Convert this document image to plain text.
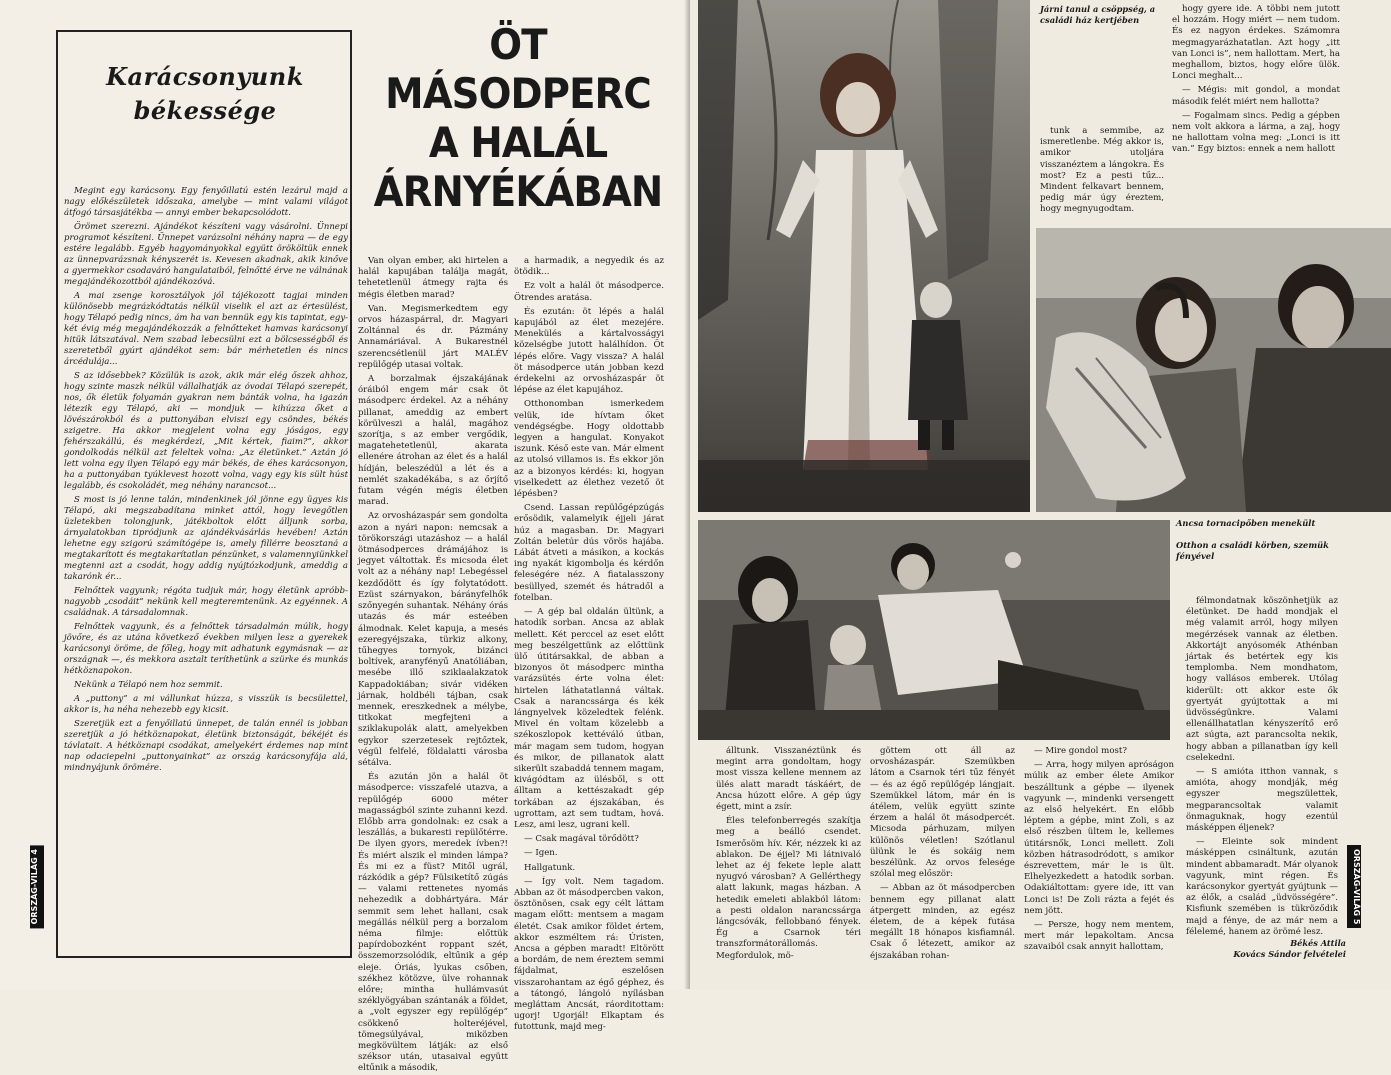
Karácsonyunk
békessége

Megint egy karácsony. Egy fenyőillatú estén lezárul majd a nagy előkészületek időszaka, amelybe — mint valami világot átfogó társasjátékba — annyi ember bekapcsolódott.

Örömet szerezni. Ajándékot készíteni vagy vásárolni. Ünnepi programot készíteni. Ünnepet varázsolni néhány napra — de egy estére legalább. Egyéb hagyományokkal együtt örököltük ennek az ünnepvarázsnak kényszerét is. Kevesen akadnak, akik kinőve a gyermekkor csodaváró hangulataiból, felnőtté érve ne válnának megajándékozottból ajándékozóvá.

A mai zsenge korosztályok jól tájékozott tagjai minden különösebb megrázkódtatás nélkül viselik el azt az értesülést, hogy Télapó pedig nincs, ám ha van bennük egy kis tapintat, egy-két évig még megajándékozzák a felnőtteket hamvas karácsonyi hitük látszatával. Nem szabad lebecsülni ezt a bölcsességből és szeretetből gyúrt ajándékot sem: bár mérhetetlen és nincs árcédulája...

S az idősebbek? Közülük is azok, akik már elég őszek ahhoz, hogy szinte maszk nélkül vállalhatják az óvodai Télapó szerepét, nos, ők életük folyamán gyakran nem bánták volna, ha igazán létezik egy Télapó, aki — mondjuk — kihúzza őket a lövészárokból és a puttonyában elviszi egy csöndes, békés szigetre. Ha akkor megjelent volna egy jóságos, egy fehérszakállú, és megkérdezi, „Mit kértek, fiaim?”, akkor gondolkodás nélkül azt feleltek volna: „Az életünket.” Aztán jó lett volna egy ilyen Télapó egy már békés, de éhes karácsonyon, ha a puttonyában tyúklevest hozott volna, vagy egy kis sült húst legalább, és csokoládét, meg néhány narancsot...

S most is jó lenne talán, mindenkinek jól jönne egy ügyes kis Télapó, aki megszabadítana minket attól, hogy levegőtlen üzletekben tolongjunk, játékboltok előtt álljunk sorba, árnyalatokban tipródjunk az ajándékvásárlás hevében! Aztán lehetne egy szigorú számítógépe is, amely fillérre beosztaná a megtakarított és megtakarítatlan pénzünket, s valamennyiünkkel megtenni azt a csodát, hogy addig nyújtózkodjunk, ameddig a takarónk ér...

Felnőttek vagyunk; régóta tudjuk már, hogy életünk apróbb-nagyobb „csodáit” nekünk kell megteremtenünk. Az egyénnek. A családnak. A társadalomnak.

Felnőttek vagyunk, és a felnőttek társadalmán múlik, hogy jövőre, és az utána következő években milyen lesz a gyerekek karácsonyi öröme, de főleg, hogy mit adhatunk egymásnak — az országnak —, és mekkora asztalt teríthetünk a szürke és munkás hétköznapokon.

Nekünk a Télapó nem hoz semmit.

A „puttony” a mi vállunkat húzza, s visszük is becsülettel, akkor is, ha néha nehezebb egy kicsit.

Szeretjük ezt a fenyőillatú ünnepet, de talán ennél is jobban szeretjük a jó hétköznapokat, életünk biztonságát, békéjét és távlatait. A hétköznapi csodákat, amelyekért érdemes nap mint nap odaciepelni „puttonyainkat” az ország karácsonyfája alá, mindnyájunk örömére.

ORSZÁG-VILÁG 4
ÖT
MÁSODPERC
A HALÁL
ÁRNYÉKÁBAN

Van olyan ember, aki hirtelen a halál kapujában találja magát, tehetetlenül átmegy rajta és mégis életben marad?

Van. Megismerkedtem egy orvos házaspárral, dr. Magyari Zoltánnal és dr. Pázmány Annamáriával. A Bukarestnél szerencsétlenül járt MALÉV repülőgép utasai voltak.

A borzalmak éjszakájának óráiból engem már csak öt másodperc érdekel. Az a néhány pillanat, ameddig az embert körülveszi a halál, magához szorítja, s az ember vergődik, magatehetetlenül, akarata ellenére átrohan az élet és a halál hídján, beleszédül a lét és a nemlét szakadékába, s az őrjítő futam végén mégis életben marad.

Az orvosházaspár sem gondolta azon a nyári napon: nemcsak a törökországi utazáshoz — a halál ötmásodperces drámájához is jegyet váltottak. És micsoda élet volt az a néhány nap! Lebegéssel kezdődött és így folytatódott. Ezüst szárnyakon, bárányfelhők szőnyegén suhantak. Néhány órás utazás és már esteében álmodnak. Kelet kapuja, a mesés ezeregyéjszaka, türkiz alkony, tűhegyes tornyok, bizánci boltívek, aranyfényű Anatóliában, mesébe illő sziklaalakzatok Kappadokiában; sivár vidéken járnak, holdbéli tájban, csak mennek, ereszkednek a mélybe, titkokat megfejteni a sziklakupolák alatt, amelyekben egykor szerzetesek rejtőztek, végül felfelé, földalatti városba sétálva.

És azután jön a halál öt másodperce: visszafelé utazva, a repülőgép 6000 méter magasságból szinte zuhanni kezd. Előbb arra gondolnak: ez csak a leszállás, a bukaresti repülőtérre. De ilyen gyors, meredek ívben?! És miért alszik el minden lámpa? És mi ez a füst? Mitől ugrál, rázkódik a gép? Fülsiketítő zúgás — valami rettenetes nyomás nehezedik a dobhártyára. Már semmit sem lehet hallani, csak megállás nélkül perg a borzalom néma filmje: előttük papírdobozként roppant szét, összemorzsolódik, eltűnik a gép eleje. Óriás, lyukas csőben, székhez kötözve, ülve rohannak előre; mintha hullámvasút széklyögyában szántanák a földet, a „volt egyszer egy repülőgép” csökkenő holteréjével, tömegsúlyával, miközben megkövültem látják: az első széksor után, utasaival együtt eltűnik a második,

a harmadik, a negyedik és az ötödik...

Ez volt a halál öt másodperce. Ötrendes aratása.

És ezután: öt lépés a halál kapujából az élet mezejére. Menekülés a kártalvosságyi közelségbe jutott halálhídon. Öt lépés előre. Vagy vissza? A halál öt másodperce után jobban kezd érdekelni az orvosházaspár öt lépése az élet kapujához.

Otthonomban ismerkedem velük, ide hívtam őket vendégségbe. Hogy oldottabb legyen a hangulat. Konyakot iszunk. Késő este van. Már elment az utolsó villamos is. És ekkor jön az a bizonyos kérdés: ki, hogyan viselkedett az élethez vezető öt lépésben?

Csend. Lassan repülőgépzúgás erősödik, valamelyik éjjeli járat húz a magasban. Dr. Magyari Zoltán beletúr dús vörös hajába. Lábát átveti a másikon, a kockás ing nyakát kigombolja és kérdőn feleségére néz. A fiatalasszony besüllyed, szemét és hátradől a fotelban.

— A gép bal oldalán ültünk, a hatodik sorban. Ancsa az ablak mellett. Két perccel az eset előtt meg beszélgettünk az előttünk ülő útitársakkal, de abban a bizonyos öt másodperc mintha varázsütés érte volna élet: hirtelen láthatatlanná váltak. Csak a narancssárga és kék lángnyelvek közeledtek felénk. Mivel én voltam közelebb a székoszlopok kettéváló útban, már magam sem tudom, hogyan és mikor, de pillanatok alatt sikerült szabaddá tennem magam, kivágódtam az ülésből, s ott álltam a kettészakadt gép torkában az éjszakában, és ugrottam, azt sem tudtam, hová. Lesz, ami lesz, ugrani kell.

— Csak magával törődött?

— Igen.

Hallgatunk.

— Így volt. Nem tagadom. Abban az öt másodpercben vakon, ösztönösen, csak egy célt láttam magam előtt: mentsem a magam életét. Csak amikor földet értem, akkor eszméltem rá: Úristen, Ancsa a gépben maradt! Eltörött a bordám, de nem éreztem semmi fájdalmat, eszelősen visszarohantam az égő géphez, és a tátongó, lángoló nyílásban megláttam Ancsát, ráorditottam: ugorj! Ugorjál! Elkaptam és futottunk, majd meg-

Járni tanul a csöppség, a családi ház kertjében

tunk a semmibe, az ismeretlenbe. Még akkor is, amikor utoljára visszanéztem a lángokra. És most? Ez a pesti tűz... Mindent felkavart bennem, pedig már úgy éreztem, hogy megnyugodtam.

hogy gyere ide. A többi nem jutott el hozzám. Hogy miért — nem tudom. És ez nagyon érdekes. Számomra megmagyarázhatatlan. Azt hogy „itt van Lonci is”, nem hallottam. Mert, ha meghallom, biztos, hogy előre ülök. Lonci meghalt...

— Mégis: mit gondol, a mondat második felét miért nem hallotta?

— Fogalmam sincs. Pedig a gépben nem volt akkora a lárma, a zaj, hogy ne hallottam volna meg: „Lonci is itt van.” Egy biztos: ennek a nem hallott

Ancsa tornacipőben menekült
Otthon a családi körben, szemük fényével

álltunk. Visszanéztünk és megint arra gondoltam, hogy most vissza kellene mennem az ülés alatt maradt táskáért, de Ancsa húzott előre. A gép úgy égett, mint a zsír.

Éles telefonberregés szakítja meg a beálló csendet. Ismerősöm hív. Kér, nézzek ki az ablakon. De éjjel? Mi látnivaló lehet az éj fekete leple alatt nyugvó városban? A Gellérthegy alatt lakunk, magas házban. A hetedik emeleti ablakból látom: a pesti oldalon narancssárga lángcsóvák, fellobbanó fények. Ég a Csarnok téri transzformátorállomás. Megfordulok, mö-

göttem ott áll az orvosházaspár. Szemükben látom a Csarnok téri tűz fényét — és az égő repülőgép lángjait. Szemükkel látom, már én is átélem, velük együtt szinte érzem a halál öt másodpercét. Micsoda párhuzam, milyen különös véletlen! Szótlanul ülünk le és sokáig nem beszélünk. Az orvos felesége szólal meg először:

— Abban az öt másodpercben bennem egy pillanat alatt átpergett minden, az egész életem, de a képek futása megállt 18 hónapos kisfiamnál. Csak ő létezett, amikor az éjszakában rohan-

— Mire gondol most?

— Arra, hogy milyen apróságon múlik az ember élete Amikor beszálltunk a gépbe — ilyenek vagyunk —, mindenki versengett az első helyekért. En előbb léptem a gépbe, mint Zoli, s az első részben ültem le, kellemes útitársnők, Lonci mellett. Zoli közben hátrasodródott, s amikor észrevettem, már le is ült. Elhelyezkedett a hatodik sorban. Odakiáltottam: gyere ide, itt van Lonci is! De Zoli rázta a fejét és nem jött.

— Persze, hogy nem mentem, mert már lepakoltam. Ancsa szavaiból csak annyit hallottam,

félmondatnak köszönhetjük az életünket. De hadd mondjak el még valamit arról, hogy milyen megérzések vannak az életben. Akkortájt anyósomék Athénban jártak és betértek egy kis templomba. Nem mondhatom, hogy vallásos emberek. Utólag kiderült: ott akkor este ők gyertyát gyújtottak a mi üdvösségünkre. Valami ellenállhatatlan kényszerítő erő azt súgta, azt parancsolta nekik, hogy abban a pillanatban így kell cselekedni.

— S amióta itthon vannak, s amióta, ahogy mondják, még egyszer megszülettek, megparancsoltak valamit önmaguknak, hogy ezentúl másképpen éljenek?

— Eleinte sok mindent másképpen csináltunk, azután mindent abbamaradt. Már olyanok vagyunk, mint régen. És karácsonykor gyertyát gyújtunk — az élők, a család „üdvösségére”. Kisfiunk szemében is tükröződik majd a fénye, de az már nem a félelemé, hanem az örömé lesz.

Békés Attila
Kovács Sándor felvételei
ORSZÁG-VILÁG 5
